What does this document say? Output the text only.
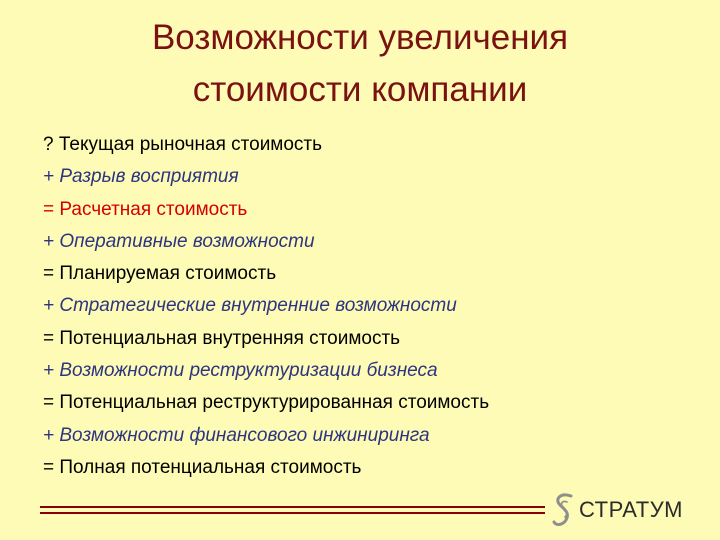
Возможности увеличения
стоимости компании
? Текущая рыночная стоимость
+ Разрыв восприятия
= Расчетная стоимость
+ Оперативные возможности
= Планируемая стоимость
+ Стратегические внутренние возможности
= Потенциальная внутренняя стоимость
+ Возможности реструктуризации бизнеса
= Потенциальная реструктурированная стоимость
+ Возможности финансового инжиниринга
= Полная потенциальная стоимость
СТРАТУМ
